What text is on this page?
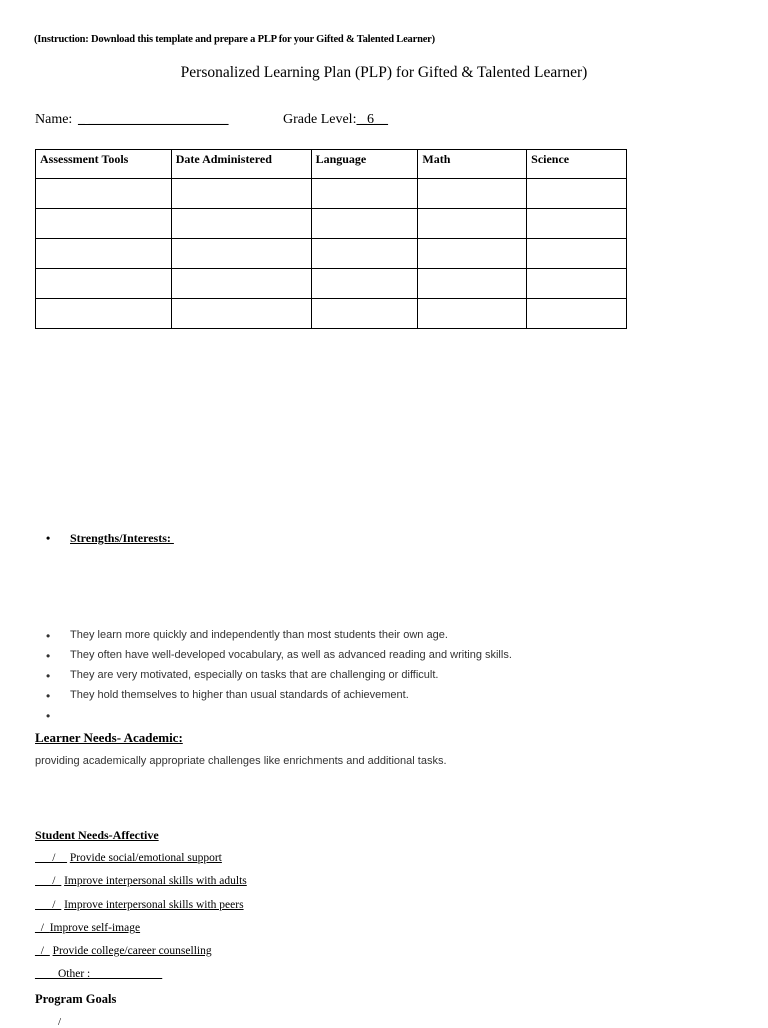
(Instruction: Download this template and prepare a PLP for your Gifted & Talented Learner)
Personalized Learning Plan (PLP) for Gifted & Talented Learner)
Name: _ ____________________	Grade Level: _6__
Assessment Tools	Date Administered	Language	Math	Science

• Strengths/Interests:
• They learn more quickly and independently than most students their own age.
• They often have well-developed vocabulary, as well as advanced reading and writing skills.
• They are very motivated, especially on tasks that are challenging or difficult.
• They hold themselves to higher than usual standards of achievement.
Learner Needs- Academic:
providing academically appropriate challenges like enrichments and additional tasks.
Student Needs-Affective
__/__ Provide social/emotional support
__/_ Improve interpersonal skills with adults
__/_ Improve interpersonal skills with peers
_/_Improve self-image
_/_ Provide college/career counselling
____Other : ____________
Program Goals
/
